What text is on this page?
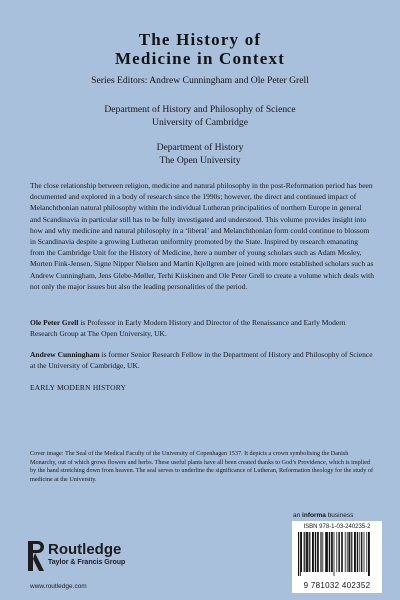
The History of
Medicine in Context
Series Editors: Andrew Cunningham and Ole Peter Grell
Department of History and Philosophy of Science
University of Cambridge
Department of History
The Open University

The close relationship between religion, medicine and natural philosophy in the post-Reformation period has been documented and explored in a body of research since the 1990s; however, the direct and continued impact of Melanchthonian natural philosophy within the individual Lutheran principalities of northern Europe in general and Scandinavia in particular still has to be fully investigated and understood. This volume provides insight into how and why medicine and natural philosophy in a ‘liberal’ and Melanchthonian form could continue to blossom in Scandinavia despite a growing Lutheran uniformity promoted by the State. Inspired by research emanating from the Cambridge Unit for the History of Medicine, here a number of young scholars such as Adam Mosley, Morten Fink-Jensen, Signe Nipper Nielsen and Martin Kjellgren are joined with more established scholars such as Andrew Cunningham, Jens Glebe-Møller, Terhi Kiiskinen and Ole Peter Grell to create a volume which deals with not only the major issues but also the leading personalities of the period.

Ole Peter Grell is Professor in Early Modern History and Director of the Renaissance and Early Modern Research Group at The Open University, UK.

Andrew Cunningham is former Senior Research Fellow in the Department of History and Philosophy of Science at the University of Cambridge, UK.

EARLY MODERN HISTORY

Cover image: The Seal of the Medical Faculty of the University of Copenhagen 1537. It depicts a crown symbolising the Danish Monarchy, out of which grows flowers and herbs. These useful plants have all been created thanks to God’s Providence, which is implied by the hand stretching down from heaven. The seal serves to underline the significance of Lutheran, Reformation theology for the study of medicine at the University.

an informa business
ISBN 978-1-03-240235-2
9 781032 402352
Routledge
Taylor & Francis Group
www.routledge.com
